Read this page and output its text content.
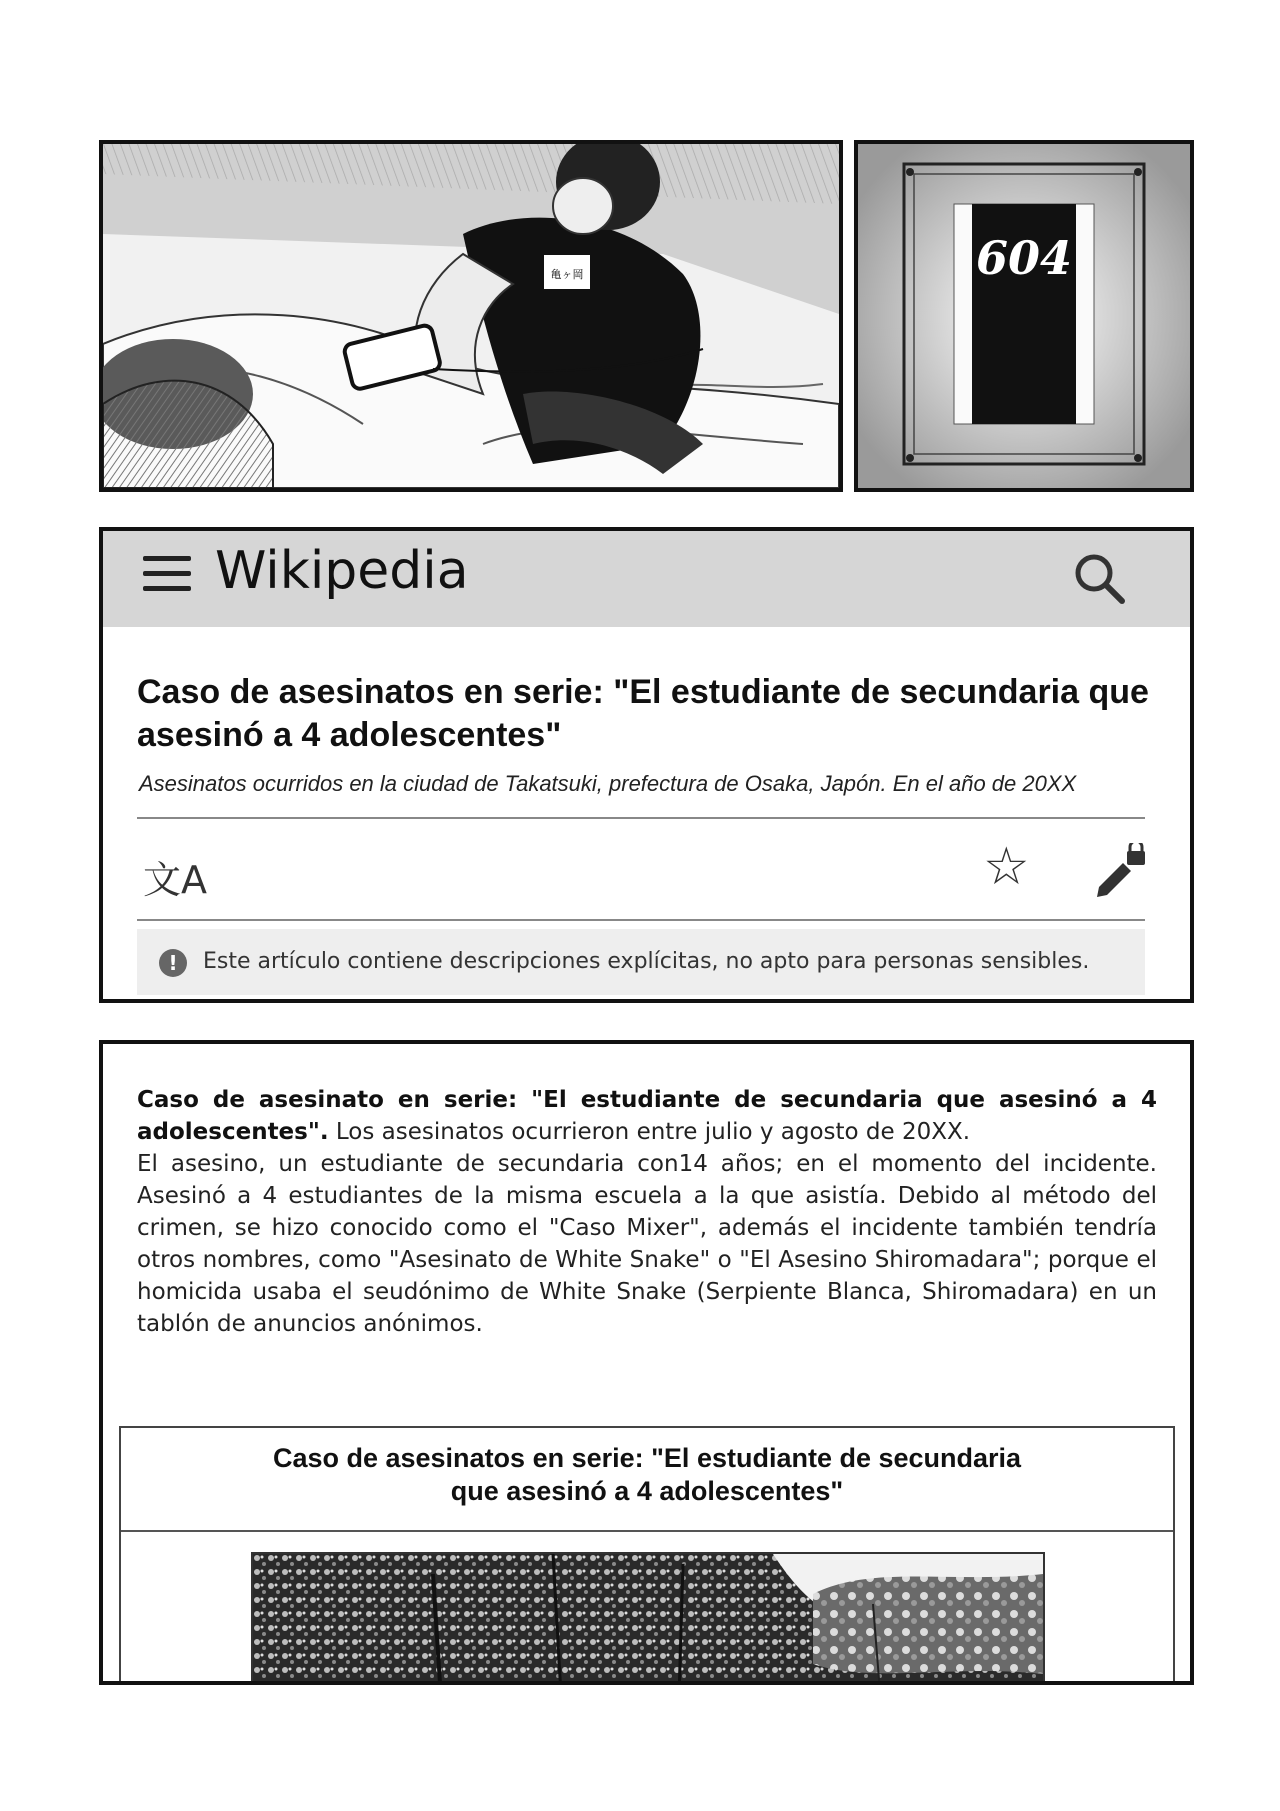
亀ヶ岡	604
Wikipedia
Caso de asesinatos en serie: "El estudiante de secundaria que asesinó a 4 adolescentes"
Asesinatos ocurridos en la ciudad de Takatsuki, prefectura de Osaka, Japón. En el año de 20XX
文A	☆
!	Este artículo contiene descripciones explícitas, no apto para personas sensibles.

Caso de asesinato en serie: "El estudiante de secundaria que asesinó a 4 adolescentes". Los asesinatos ocurrieron entre julio y agosto de 20XX.
El asesino, un estudiante de secundaria con14 años; en el momento del incidente. Asesinó a 4 estudiantes de la misma escuela a la que asistía. Debido al método del crimen, se hizo conocido como el "Caso Mixer", además el incidente también tendría otros nombres, como "Asesinato de White Snake" o "El Asesino Shiromadara"; porque el homicida usaba el seudónimo de White Snake (Serpiente Blanca, Shiromadara) en un tablón de anuncios anónimos.

Caso de asesinatos en serie: "El estudiante de secundaria
que asesinó a 4 adolescentes"
